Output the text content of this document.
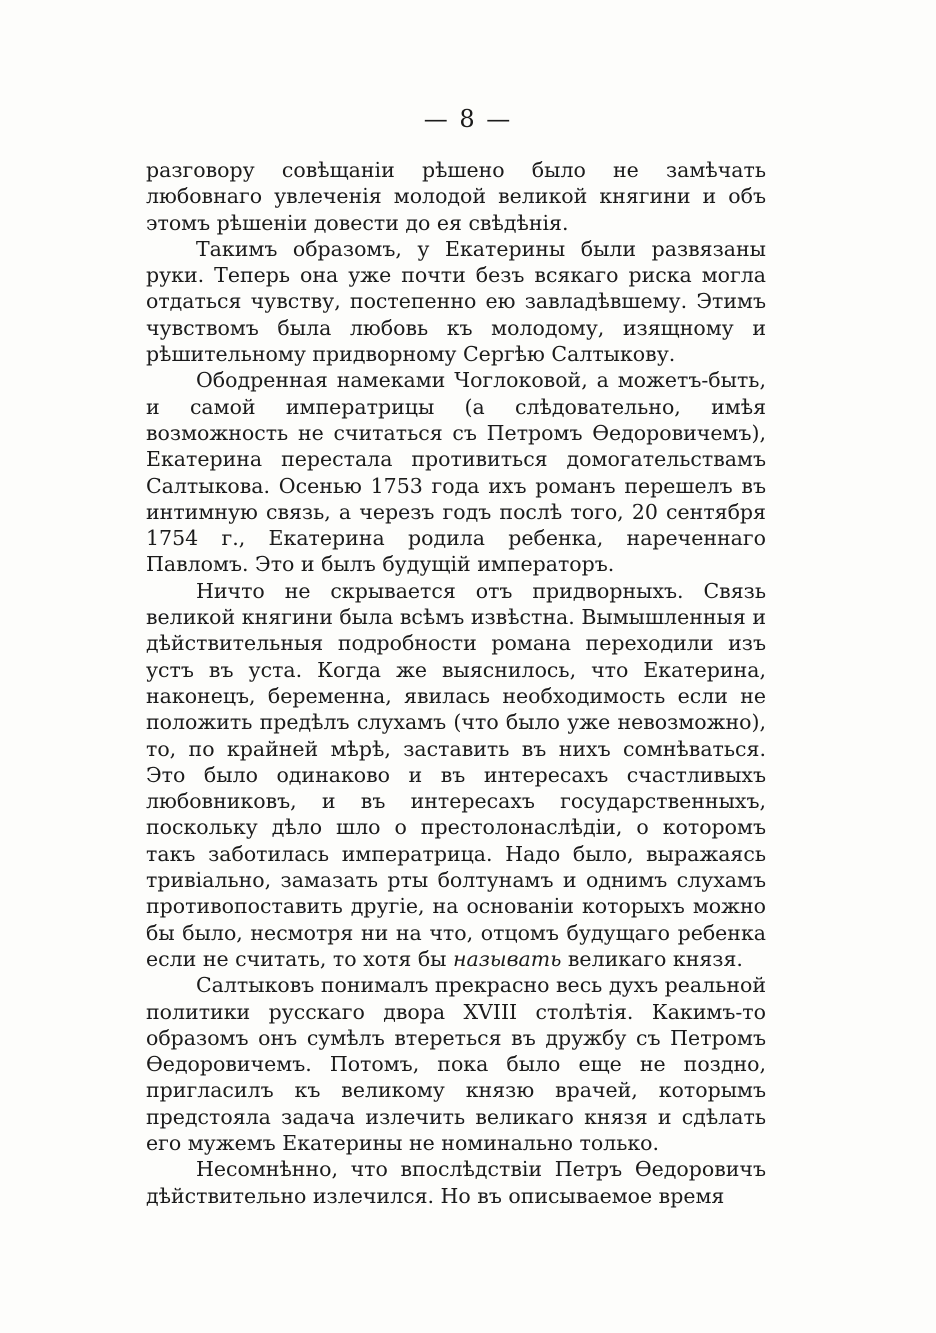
— 8 —

разговору совѣщаніи рѣшено было не замѣчать любовнаго увлеченія молодой великой княгини и объ этомъ рѣшеніи довести до ея свѣдѣнія.

Такимъ образомъ, у Екатерины были развязаны руки. Теперь она уже почти безъ всякаго риска могла отдаться чувству, постепенно ею завладѣвшему. Этимъ чувствомъ была любовь къ молодому, изящному и рѣшительному придворному Сергѣю Салтыкову.

Ободренная намеками Чоглоковой, а можетъ-быть, и самой императрицы (а слѣдовательно, имѣя возможность не считаться съ Петромъ Ѳедоровичемъ), Екатерина перестала противиться домогательствамъ Салтыкова. Осенью 1753 года ихъ романъ перешелъ въ интимную связь, а черезъ годъ послѣ того, 20 сентября 1754 г., Екатерина родила ребенка, нареченнаго Павломъ. Это и былъ будущій императоръ.

Ничто не скрывается отъ придворныхъ. Связь великой княгини была всѣмъ извѣстна. Вымышленныя и дѣйствительныя подробности романа переходили изъ устъ въ уста. Когда же выяснилось, что Екатерина, наконецъ, беременна, явилась необходимость если не положить предѣлъ слухамъ (что было уже невозможно), то, по крайней мѣрѣ, заставить въ нихъ сомнѣваться. Это было одинаково и въ интересахъ счастливыхъ любовниковъ, и въ интересахъ государственныхъ, поскольку дѣло шло о престолонаслѣдіи, о которомъ такъ заботилась императрица. Надо было, выражаясь тривіально, замазать рты болтунамъ и однимъ слухамъ противопоставить другіе, на основаніи которыхъ можно бы было, несмотря ни на что, отцомъ будущаго ребенка если не считать, то хотя бы называть великаго князя.

Салтыковъ понималъ прекрасно весь духъ реальной политики русскаго двора XVIII столѣтія. Какимъ-то образомъ онъ сумѣлъ втереться въ дружбу съ Петромъ Ѳедоровичемъ. Потомъ, пока было еще не поздно, пригласилъ къ великому князю врачей, которымъ предстояла задача излечить великаго князя и сдѣлать его мужемъ Екатерины не номинально только.

Несомнѣнно, что впослѣдствіи Петръ Ѳедоровичъ дѣйствительно излечился. Но въ описываемое время
